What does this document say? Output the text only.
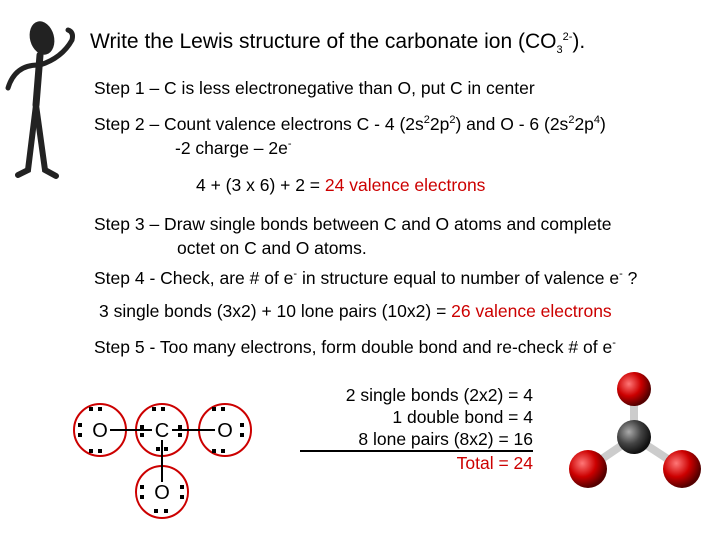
Write the Lewis structure of the carbonate ion $(CO_3^{2-})$.
Step 1 – C is less electronegative than O, put C in center
Step 2 – Count valence electrons C - 4 $(2s^22p^2)$ and O - 6 $(2s^22p^4)$
-2 charge – 2e-
4 + (3 x 6) + 2 = 24 valence electrons
Step 3 – Draw single bonds between C and O atoms and complete
octet on C and O atoms.
Step 4 - Check, are # of e- in structure equal to number of valence e- ?
3 single bonds (3x2) + 10 lone pairs (10x2) = 26 valence electrons
Step 5 - Too many electrons, form double bond and re-check # of e-
O C O
O
2 single bonds (2x2) = 4
1 double bond = 4
8 lone pairs (8x2) = 16
Total = 24
